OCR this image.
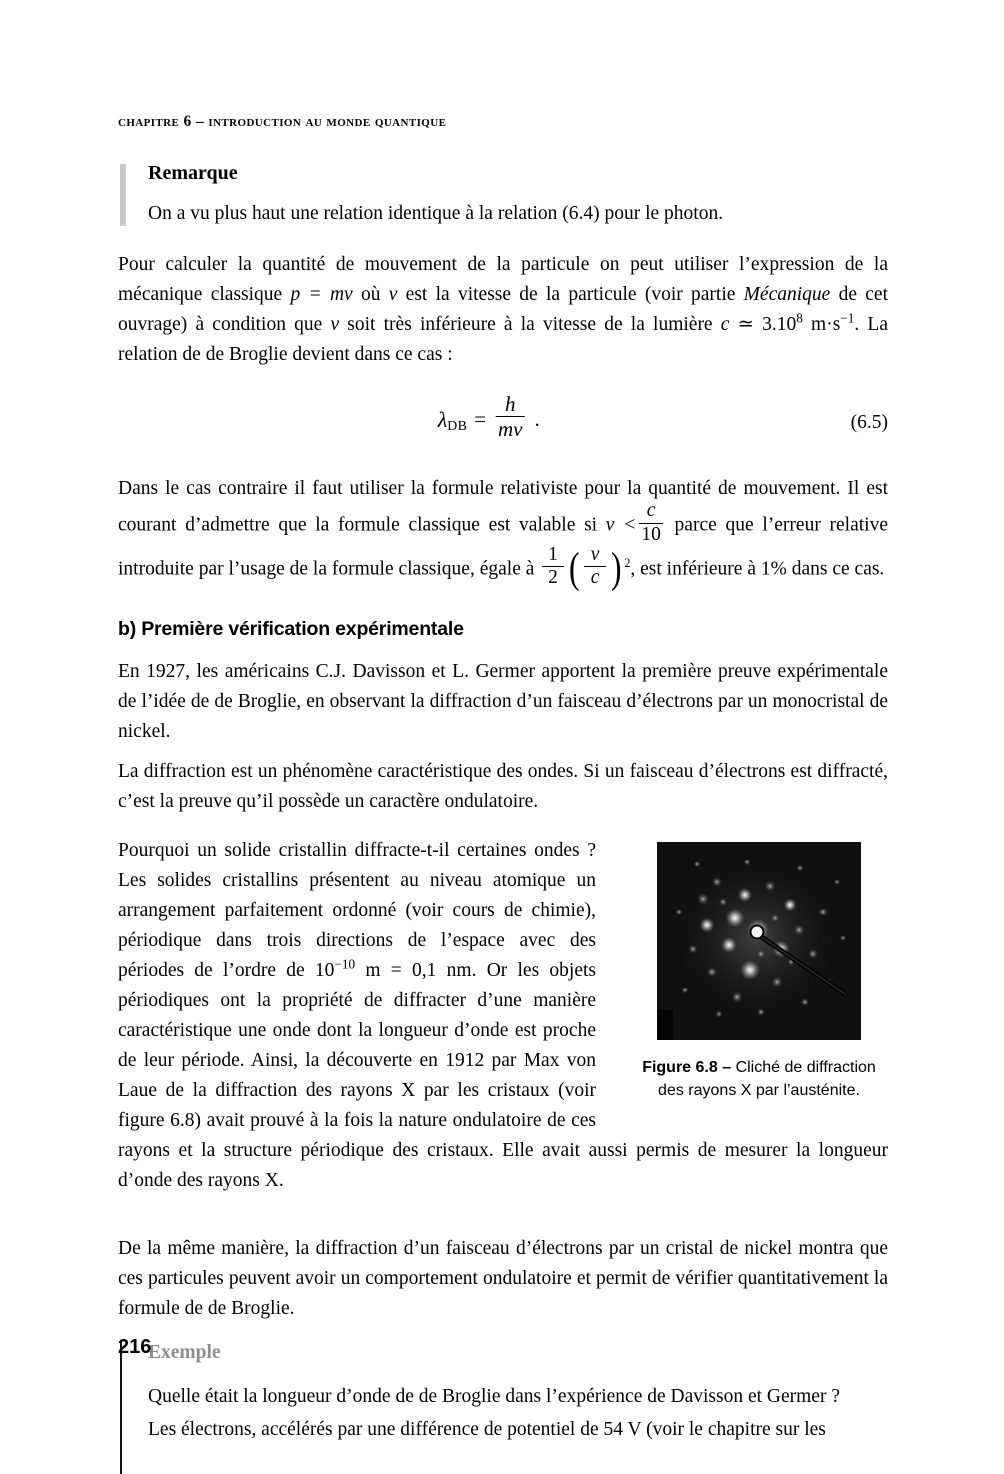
chapitre 6 – introduction au monde quantique
Remarque
On a vu plus haut une relation identique à la relation (6.4) pour le photon.

Pour calculer la quantité de mouvement de la particule on peut utiliser l’expression de la mécanique classique p = mv où v est la vitesse de la particule (voir partie Mécanique de cet ouvrage) à condition que v soit très inférieure à la vitesse de la lumière c ≃ 3.10$^8$ $m\cdot s^{-1}$. La relation de de Broglie devient dans ce cas :

$\lambda_{DB} = \frac{h}{mv}$ .	(6.5)

Dans le cas contraire il faut utiliser la formule relativiste pour la quantité de mouvement. Il est courant d’admettre que la formule classique est valable si $v < \frac{c}{10}$ parce que l’erreur relative introduite par l’usage de la formule classique, égale à $\frac{1}{2}$ ( $\frac{v}{c}$ ) 2 , est inférieure à 1% dans ce cas.

b) Première vérification expérimentale

En 1927, les américains C.J. Davisson et L. Germer apportent la première preuve expérimentale de l’idée de de Broglie, en observant la diffraction d’un faisceau d’électrons par un monocristal de nickel.

La diffraction est un phénomène caractéristique des ondes. Si un faisceau d’électrons est diffracté, c’est la preuve qu’il possède un caractère ondulatoire.

Figure 6.8 – Cliché de diffraction des rayons X par l’austénite.

Pourquoi un solide cristallin diffracte-t-il certaines ondes ? Les solides cristallins présentent au niveau atomique un arrangement parfaitement ordonné (voir cours de chimie), périodique dans trois directions de l’espace avec des périodes de l’ordre de $10^{-10}$ m = 0,1 nm. Or les objets périodiques ont la propriété de diffracter d’une manière caractéristique une onde dont la longueur d’onde est proche de leur période. Ainsi, la découverte en 1912 par Max von Laue de la diffraction des rayons X par les cristaux (voir figure 6.8) avait prouvé à la fois la nature ondulatoire de ces rayons et la structure périodique des cristaux. Elle avait aussi permis de mesurer la longueur d’onde des rayons X.

De la même manière, la diffraction d’un faisceau d’électrons par un cristal de nickel montra que ces particules peuvent avoir un comportement ondulatoire et permit de vérifier quantitativement la formule de de Broglie.

Exemple
Quelle était la longueur d’onde de de Broglie dans l’expérience de Davisson et Germer ?
Les électrons, accélérés par une différence de potentiel de 54 V (voir le chapitre sur les
216
